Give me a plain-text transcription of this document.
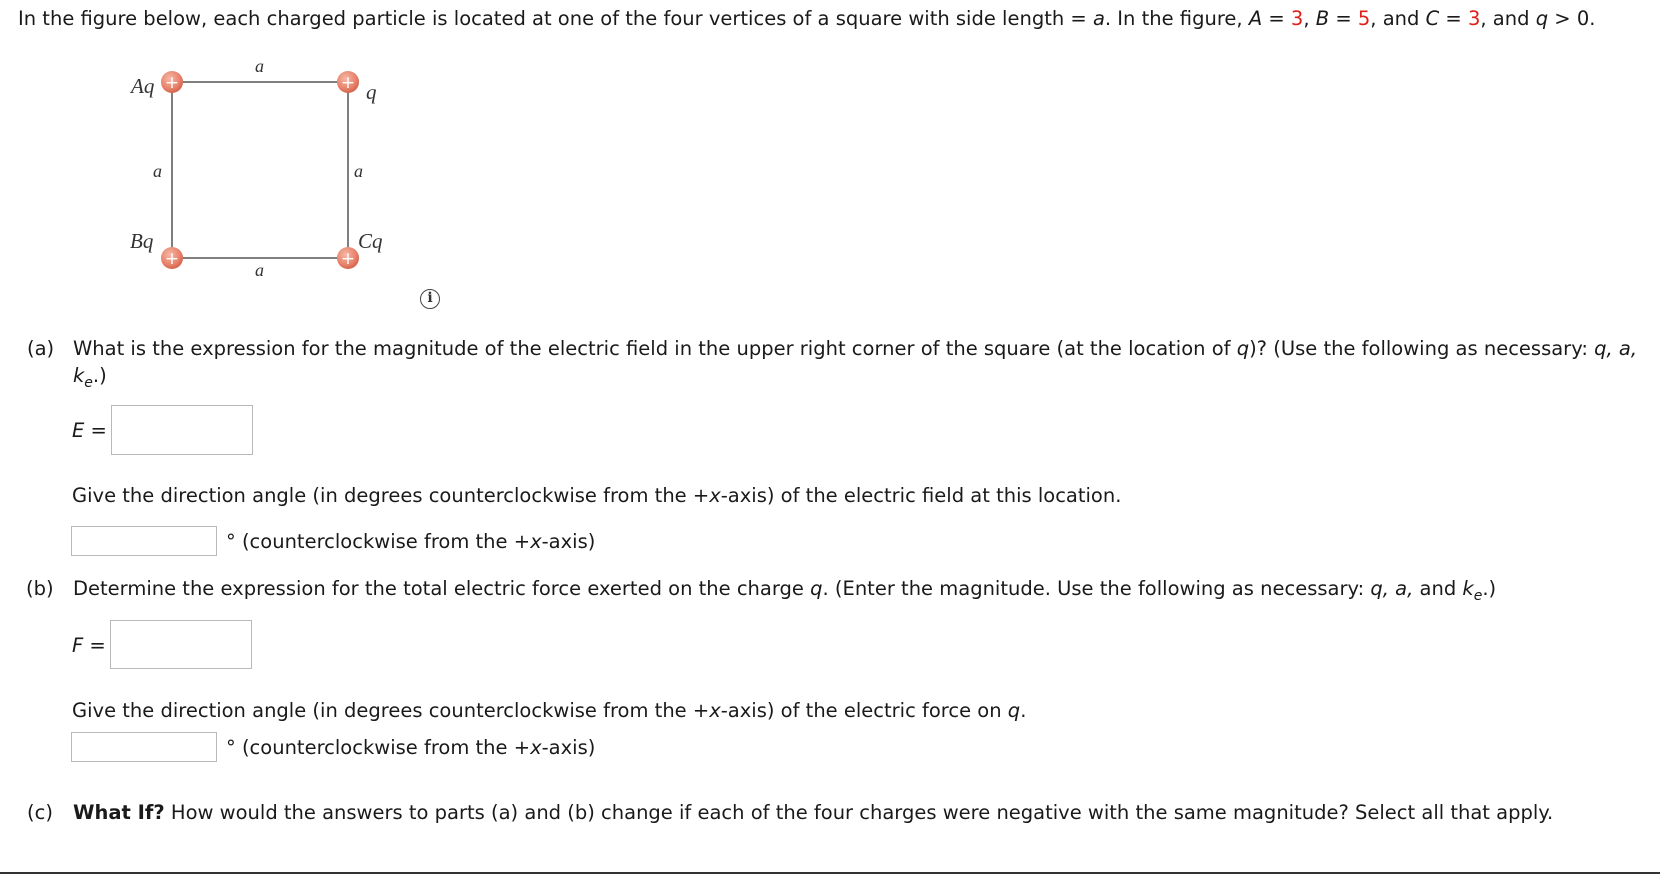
In the figure below, each charged particle is located at one of the four vertices of a square with side length = a. In the figure, A = 3, B = 5, and C = 3, and q > 0.
+	+
+	+
Aq	q
Bq	Cq
a
a
a	a
i
(a) What is the expression for the magnitude of the electric field in the upper right corner of the square (at the location of q)? (Use the following as necessary: q, a,
$k_e$.)
E =
Give the direction angle (in degrees counterclockwise from the +x-axis) of the electric field at this location.
° (counterclockwise from the +x-axis)
(b) Determine the expression for the total electric force exerted on the charge q. (Enter the magnitude. Use the following as necessary: q, a, and $k_e$.)
F =
Give the direction angle (in degrees counterclockwise from the +x-axis) of the electric force on q.
° (counterclockwise from the +x-axis)
(c) What If? How would the answers to parts (a) and (b) change if each of the four charges were negative with the same magnitude? Select all that apply.
